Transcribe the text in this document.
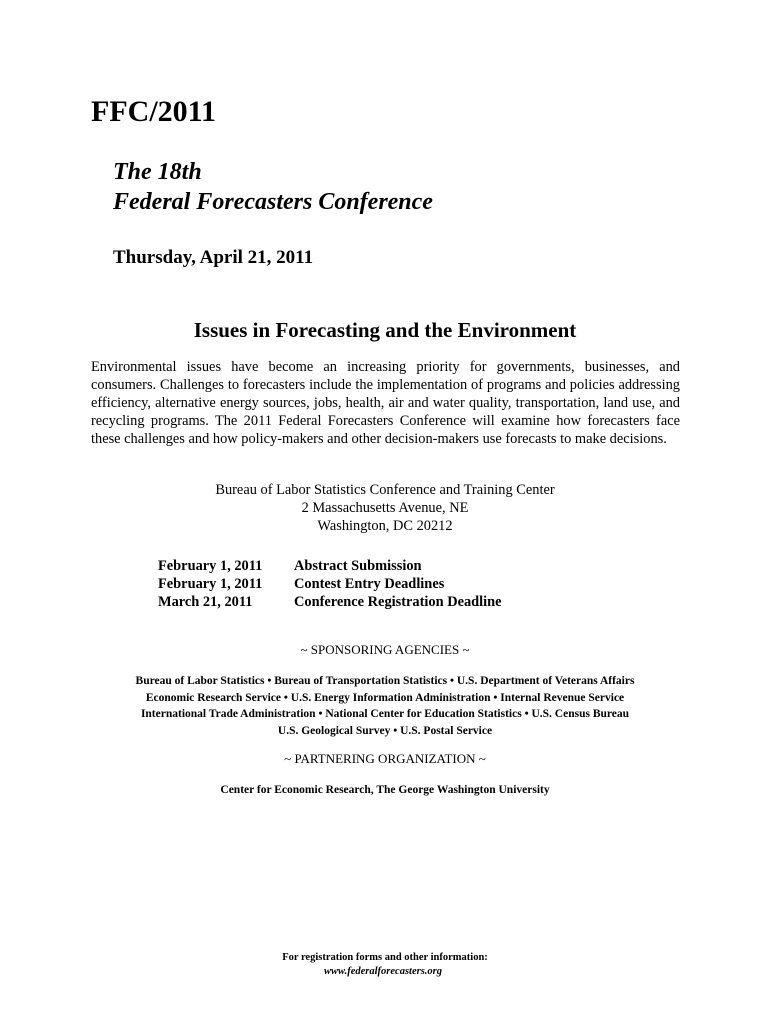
FFC/2011
The 18th
Federal Forecasters Conference

Thursday, April 21, 2011

Issues in Forecasting and the Environment

Environmental issues have become an increasing priority for governments, businesses, and consumers. Challenges to forecasters include the implementation of programs and policies addressing efficiency, alternative energy sources, jobs, health, air and water quality, transportation, land use, and recycling programs. The 2011 Federal Forecasters Conference will examine how forecasters face these challenges and how policy-makers and other decision-makers use forecasts to make decisions.

Bureau of Labor Statistics Conference and Training Center
2 Massachusetts Avenue, NE
Washington, DC 20212
February 1, 2011	Abstract Submission
February 1, 2011	Contest Entry Deadlines
March 21, 2011	Conference Registration Deadline
~ SPONSORING AGENCIES ~
Bureau of Labor Statistics • Bureau of Transportation Statistics • U.S. Department of Veterans Affairs
Economic Research Service • U.S. Energy Information Administration • Internal Revenue Service
International Trade Administration • National Center for Education Statistics • U.S. Census Bureau
U.S. Geological Survey • U.S. Postal Service
~ PARTNERING ORGANIZATION ~
Center for Economic Research, The George Washington University
For registration forms and other information:
www.federalforecasters.org
